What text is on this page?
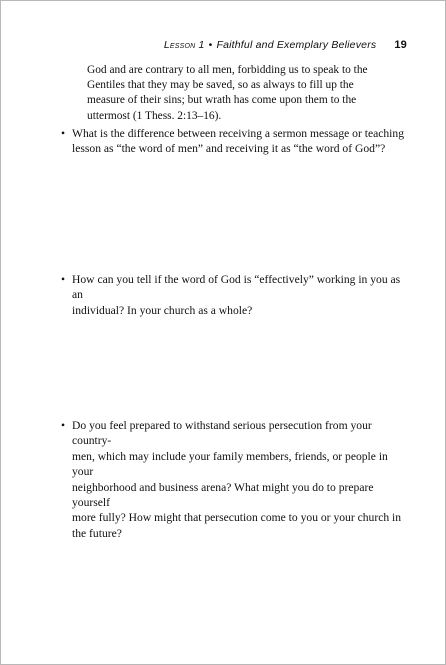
Lesson 1 • Faithful and Exemplary Believers 19
God and are contrary to all men, forbidding us to speak to the
Gentiles that they may be saved, so as always to fill up the
measure of their sins; but wrath has come upon them to the
uttermost (1 Thess. 2:13–16).
• What is the difference between receiving a sermon message or teaching
lesson as “the word of men” and receiving it as “the word of God”?
• How can you tell if the word of God is “effectively” working in you as an
individual? In your church as a whole?
• Do you feel prepared to withstand serious persecution from your country-
men, which may include your family members, friends, or people in your
neighborhood and business arena? What might you do to prepare yourself
more fully? How might that persecution come to you or your church in
the future?
